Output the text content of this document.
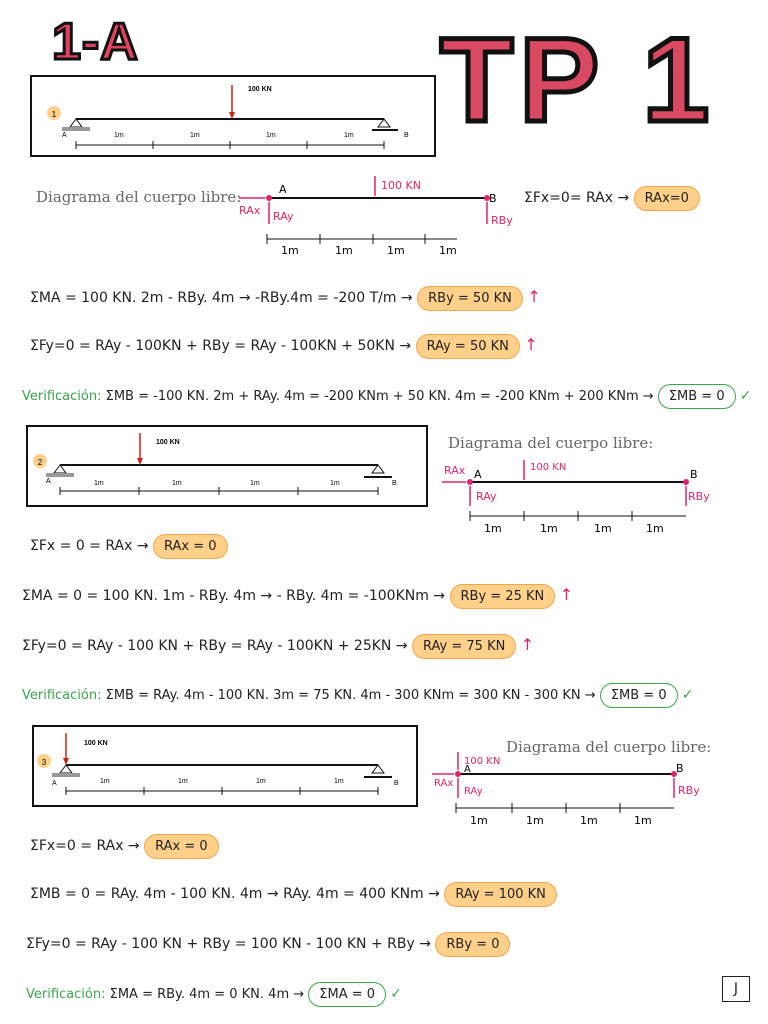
1-A	TP 1
1
100 KN
A	B
1m	1m	1m	1m
Diagrama del cuerpo libre:	A
B
100 KN
RAx RAy	RBy
1m	1m	1m	1m
ΣFx=0= RAx → RAx=0
ΣMA = 100 KN. 2m - RBy. 4m → -RBy.4m = -200 T/m → RBy = 50 KN ↑
ΣFy=0 = RAy - 100KN + RBy = RAy - 100KN + 50KN → RAy = 50 KN ↑
Verificación: ΣMB = -100 KN. 2m + RAy. 4m = -200 KNm + 50 KN. 4m = -200 KNm + 200 KNm → ΣMB = 0 ✓
2
100 KN
A	B
1m	1m	1m	1m
Diagrama del cuerpo libre:
A	B
100 KN
RAx
RAy	RBy
1m	1m	1m	1m
ΣFx = 0 = RAx → RAx = 0
ΣMA = 0 = 100 KN. 1m - RBy. 4m → - RBy. 4m = -100KNm → RBy = 25 KN ↑
ΣFy=0 = RAy - 100 KN + RBy = RAy - 100KN + 25KN → RAy = 75 KN ↑
Verificación: ΣMB = RAy. 4m - 100 KN. 3m = 75 KN. 4m - 300 KNm = 300 KN - 300 KN → ΣMB = 0 ✓
3
100 KN
A	B
1m	1m	1m	1m
Diagrama del cuerpo libre:
A	B
100 KN
RAx
RAy	RBy
1m	1m	1m	1m
ΣFx=0 = RAx → RAx = 0
ΣMB = 0 = RAy. 4m - 100 KN. 4m → RAy. 4m = 400 KNm → RAy = 100 KN
ΣFy=0 = RAy - 100 KN + RBy = 100 KN - 100 KN + RBy → RBy = 0
Verificación: ΣMA = RBy. 4m = 0 KN. 4m → ΣMA = 0 ✓	J
